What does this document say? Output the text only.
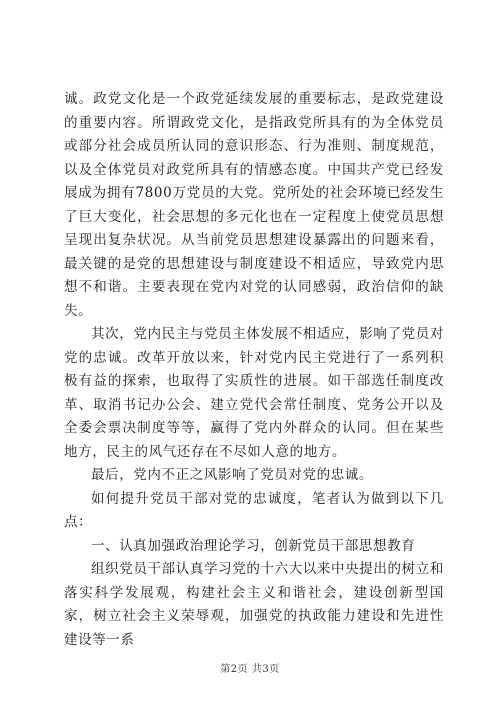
诚。政党文化是一个政党延续发展的重要标志，是政党建设的重要内容。所谓政党文化，是指政党所具有的为全体党员或部分社会成员所认同的意识形态、行为准则、制度规范，以及全体党员对政党所具有的情感态度。中国共产党已经发展成为拥有7800万党员的大党。党所处的社会环境已经发生了巨大变化，社会思想的多元化也在一定程度上使党员思想呈现出复杂状况。从当前党员思想建设暴露出的问题来看，最关键的是党的思想建设与制度建设不相适应，导致党内思想不和谐。主要表现在党内对党的认同感弱，政治信仰的缺失。

其次，党内民主与党员主体发展不相适应，影响了党员对党的忠诚。改革开放以来，针对党内民主党进行了一系列积极有益的探索，也取得了实质性的进展。如干部选任制度改革、取消书记办公会、建立党代会常任制度、党务公开以及全委会票决制度等等，赢得了党内外群众的认同。但在某些地方，民主的风气还存在不尽如人意的地方。

最后，党内不正之风影响了党员对党的忠诚。

如何提升党员干部对党的忠诚度，笔者认为做到以下几点：

一、认真加强政治理论学习，创新党员干部思想教育

组织党员干部认真学习党的十六大以来中央提出的树立和落实科学发展观，构建社会主义和谐社会，建设创新型国家，树立社会主义荣辱观，加强党的执政能力建设和先进性建设等一系

第2页 共3页
